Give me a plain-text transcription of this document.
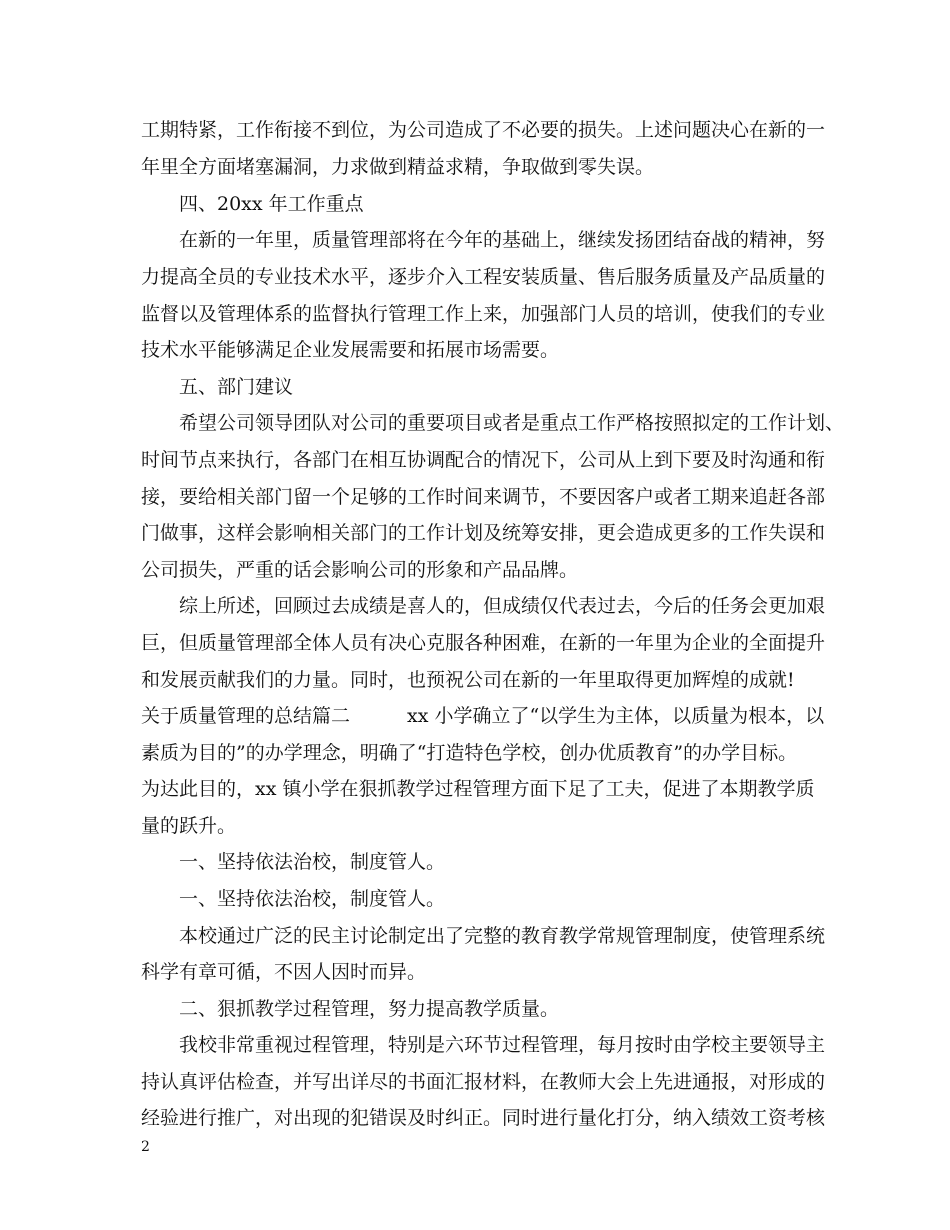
工期特紧，工作衔接不到位，为公司造成了不必要的损失。上述问题决心在新的一
年里全方面堵塞漏洞，力求做到精益求精，争取做到零失误。
　　四、20xx 年工作重点
　　在新的一年里，质量管理部将在今年的基础上，继续发扬团结奋战的精神，努
力提高全员的专业技术水平，逐步介入工程安装质量、售后服务质量及产品质量的
监督以及管理体系的监督执行管理工作上来，加强部门人员的培训，使我们的专业
技术水平能够满足企业发展需要和拓展市场需要。
　　五、部门建议
　　希望公司领导团队对公司的重要项目或者是重点工作严格按照拟定的工作计划、
时间节点来执行，各部门在相互协调配合的情况下，公司从上到下要及时沟通和衔
接，要给相关部门留一个足够的工作时间来调节，不要因客户或者工期来追赶各部
门做事，这样会影响相关部门的工作计划及统筹安排，更会造成更多的工作失误和
公司损失，严重的话会影响公司的形象和产品品牌。
　　综上所述，回顾过去成绩是喜人的，但成绩仅代表过去，今后的任务会更加艰
巨，但质量管理部全体人员有决心克服各种困难，在新的一年里为企业的全面提升
和发展贡献我们的力量。同时，也预祝公司在新的一年里取得更加辉煌的成就!
关于质量管理的总结篇二　　　xx 小学确立了“以学生为主体，以质量为根本，以
素质为目的”的办学理念，明确了“打造特色学校，创办优质教育”的办学目标。
为达此目的，xx 镇小学在狠抓教学过程管理方面下足了工夫，促进了本期教学质
量的跃升。
　　一、坚持依法治校，制度管人。
　　一、坚持依法治校，制度管人。
　　本校通过广泛的民主讨论制定出了完整的教育教学常规管理制度，使管理系统
科学有章可循，不因人因时而异。
　　二、狠抓教学过程管理，努力提高教学质量。
　　我校非常重视过程管理，特别是六环节过程管理，每月按时由学校主要领导主
持认真评估检查，并写出详尽的书面汇报材料，在教师大会上先进通报，对形成的
经验进行推广，对出现的犯错误及时纠正。同时进行量化打分，纳入绩效工资考核
2
